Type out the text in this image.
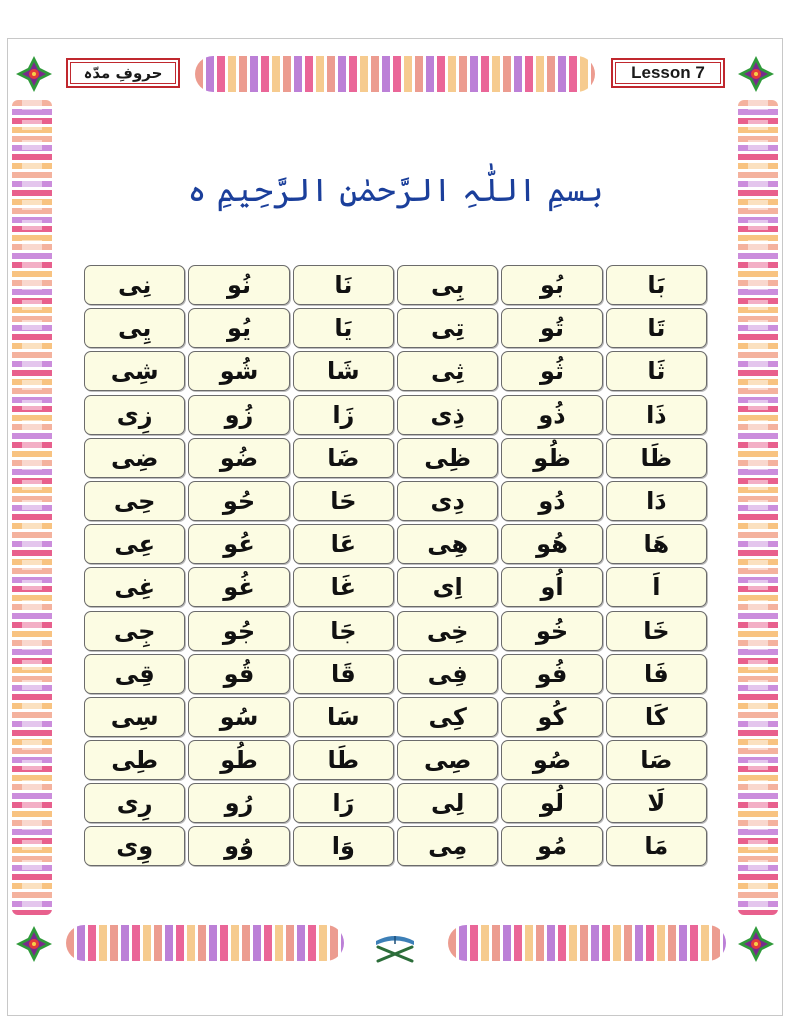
حروفِ مدّہ	Lesson 7
بسمِ اللّٰہِ الرَّحمٰنِ الرَّحِیمِ ہ
بَا
بُو
بِی
نَا
نُو
نِی
تَا
تُو
تِی
یَا
یُو
یِی
ثَا
ثُو
ثِی
شَا
شُو
شِی
ذَا
ذُو
ذِی
زَا
زُو
زِی
ظَا
ظُو
ظِی
ضَا
ضُو
ضِی
دَا
دُو
دِی
حَا
حُو
حِی
ھَا
ھُو
ھِی
عَا
عُو
عِی
اَ
اُو
اِی
غَا
غُو
غِی
خَا
خُو
خِی
جَا
جُو
جِی
فَا
فُو
فِی
قَا
قُو
قِی
کَا
کُو
کِی
سَا
سُو
سِی
صَا
صُو
صِی
طَا
طُو
طِی
لَا
لُو
لِی
رَا
رُو
رِی
مَا
مُو
مِی
وَا
وُو
وِی
